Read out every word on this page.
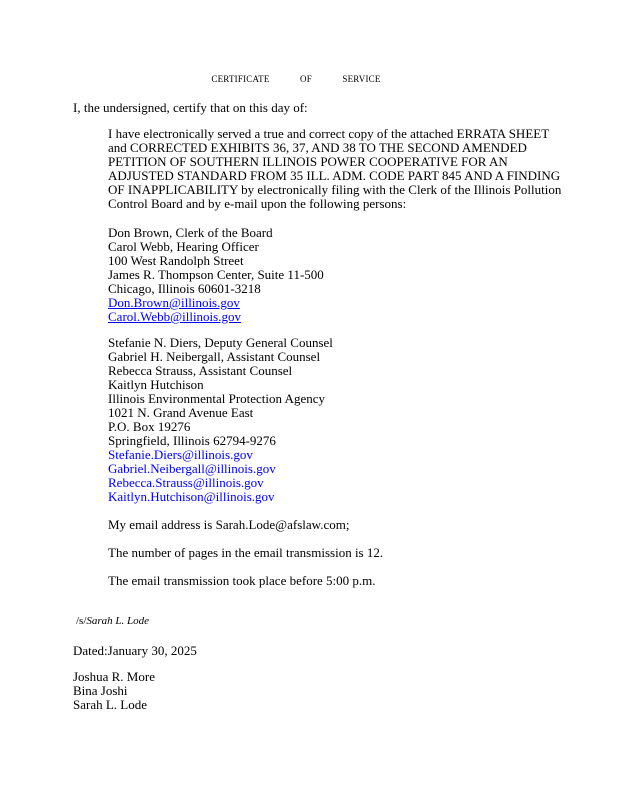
CERTIFICATE	OF	SERVICE
I, the undersigned, certify that on this day of:

I have electronically served a true and correct copy of the attached ERRATA SHEET and CORRECTED EXHIBITS 36, 37, AND 38 TO THE SECOND AMENDED PETITION OF SOUTHERN ILLINOIS POWER COOPERATIVE FOR AN ADJUSTED STANDARD FROM 35 ILL. ADM. CODE PART 845 AND A FINDING OF INAPPLICABILITY by electronically filing with the Clerk of the Illinois Pollution Control Board and by e-mail upon the following persons:

Don Brown, Clerk of the Board
Carol Webb, Hearing Officer
100 West Randolph Street
James R. Thompson Center, Suite 11-500
Chicago, Illinois 60601-3218
Don.Brown@illinois.gov
Carol.Webb@illinois.gov
Stefanie N. Diers, Deputy General Counsel
Gabriel H. Neibergall, Assistant Counsel
Rebecca Strauss, Assistant Counsel
Kaitlyn Hutchison
Illinois Environmental Protection Agency
1021 N. Grand Avenue East
P.O. Box 19276
Springfield, Illinois 62794-9276
Stefanie.Diers@illinois.gov
Gabriel.Neibergall@illinois.gov
Rebecca.Strauss@illinois.gov
Kaitlyn.Hutchison@illinois.gov
My email address is Sarah.Lode@afslaw.com;
The number of pages in the email transmission is 12.
The email transmission took place before 5:00 p.m.
/s/Sarah L. Lode
Dated:January 30, 2025
Joshua R. More
Bina Joshi
Sarah L. Lode
